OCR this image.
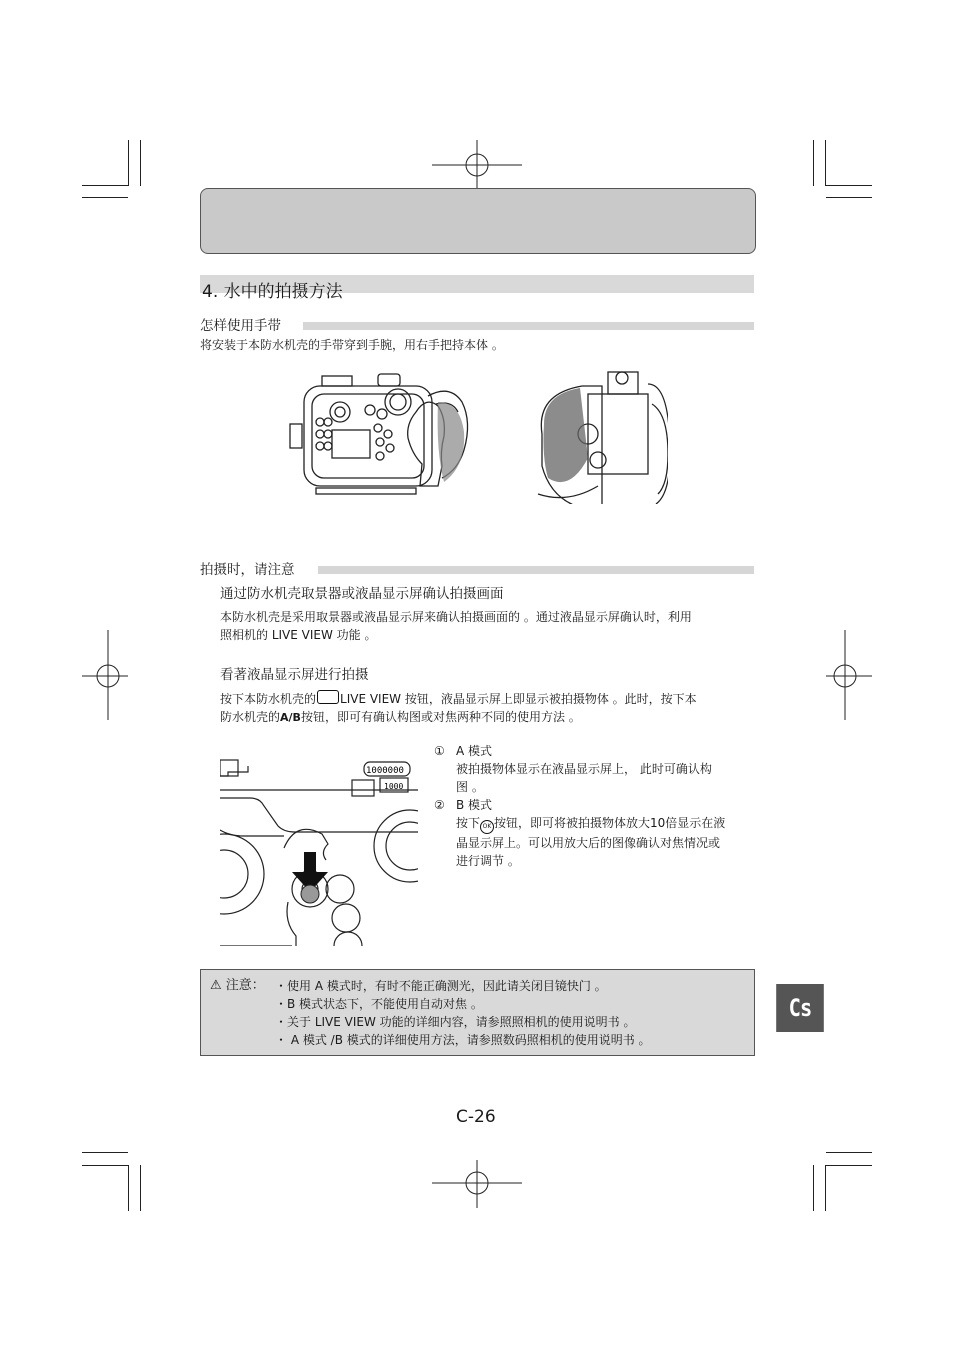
4. 水中的拍摄方法
怎样使用手带
将安装于本防水机壳的手带穿到手腕，用右手把持本体 。
拍摄时，请注意
通过防水机壳取景器或液晶显示屏确认拍摄画面
本防水机壳是采用取景器或液晶显示屏来确认拍摄画面的 。通过液晶显示屏确认时，利用
照相机的 LIVE VIEW 功能 。
看著液晶显示屏进行拍摄
按下本防水机壳的 LIVE VIEW 按钮，液晶显示屏上即显示被拍摄物体 。此时，按下本
防水机壳的A/B按钮，即可有确认构图或对焦两种不同的使用方法 。
1000000
1000
① A 模式
被拍摄物体显示在液晶显示屏上， 此时可确认构
图 。
② B 模式
按下 OK 按钮，即可将被拍摄物体放大10倍显示在液
晶显示屏上。可以用放大后的图像确认对焦情况或
进行调节 。
⚠ 注意： ・使用 A 模式时，有时不能正确测光，因此请关闭目镜快门 。
・B 模式状态下，不能使用自动对焦 。
・关于 LIVE VIEW 功能的详细内容，请参照照相机的使用说明书 。
・ A 模式 /B 模式的详细使用方法，请参照数码照相机的使用说明书 。
Cs
C-26
